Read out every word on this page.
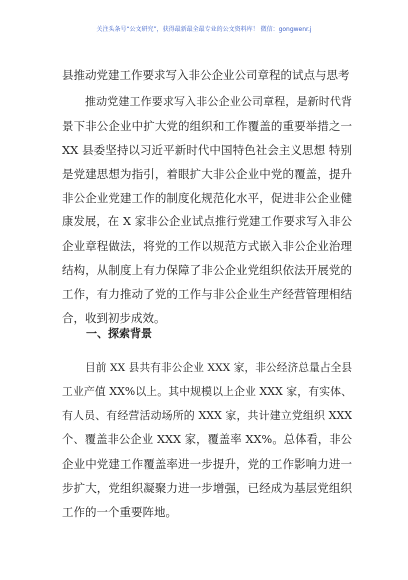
关注头条号“公文研究”，获得最新最全最专业的公文资料库！ 微信：gongwenr.j
县推动党建工作要求写入非公企业公司章程的试点与思考
推动党建工作要求写入非公企业公司章程，是新时代背
景下非公企业中扩大党的组织和工作覆盖的重要举措之一
XX 县委坚持以习近平新时代中国特色社会主义思想 特别
是党建思想为指引，着眼扩大非公企业中党的覆盖，提升
非公企业党建工作的制度化规范化水平，促进非公企业健
康发展，在 X 家非公企业试点推行党建工作要求写入非公
企业章程做法，将党的工作以规范方式嵌入非公企业治理
结构，从制度上有力保障了非公企业党组织依法开展党的
工作，有力推动了党的工作与非公企业生产经营管理相结
合，收到初步成效。
一、探索背景
目前 XX 县共有非公企业 XXX 家，非公经济总量占全县
工业产值 XX%以上。其中规模以上企业 XXX 家，有实体、
有人员、有经营活动场所的 XXX 家，共计建立党组织 XXX
个、覆盖非公企业 XXX 家，覆盖率 XX%。总体看，非公
企业中党建工作覆盖率进一步提升，党的工作影响力进一
步扩大，党组织凝聚力进一步增强，已经成为基层党组织
工作的一个重要阵地。
